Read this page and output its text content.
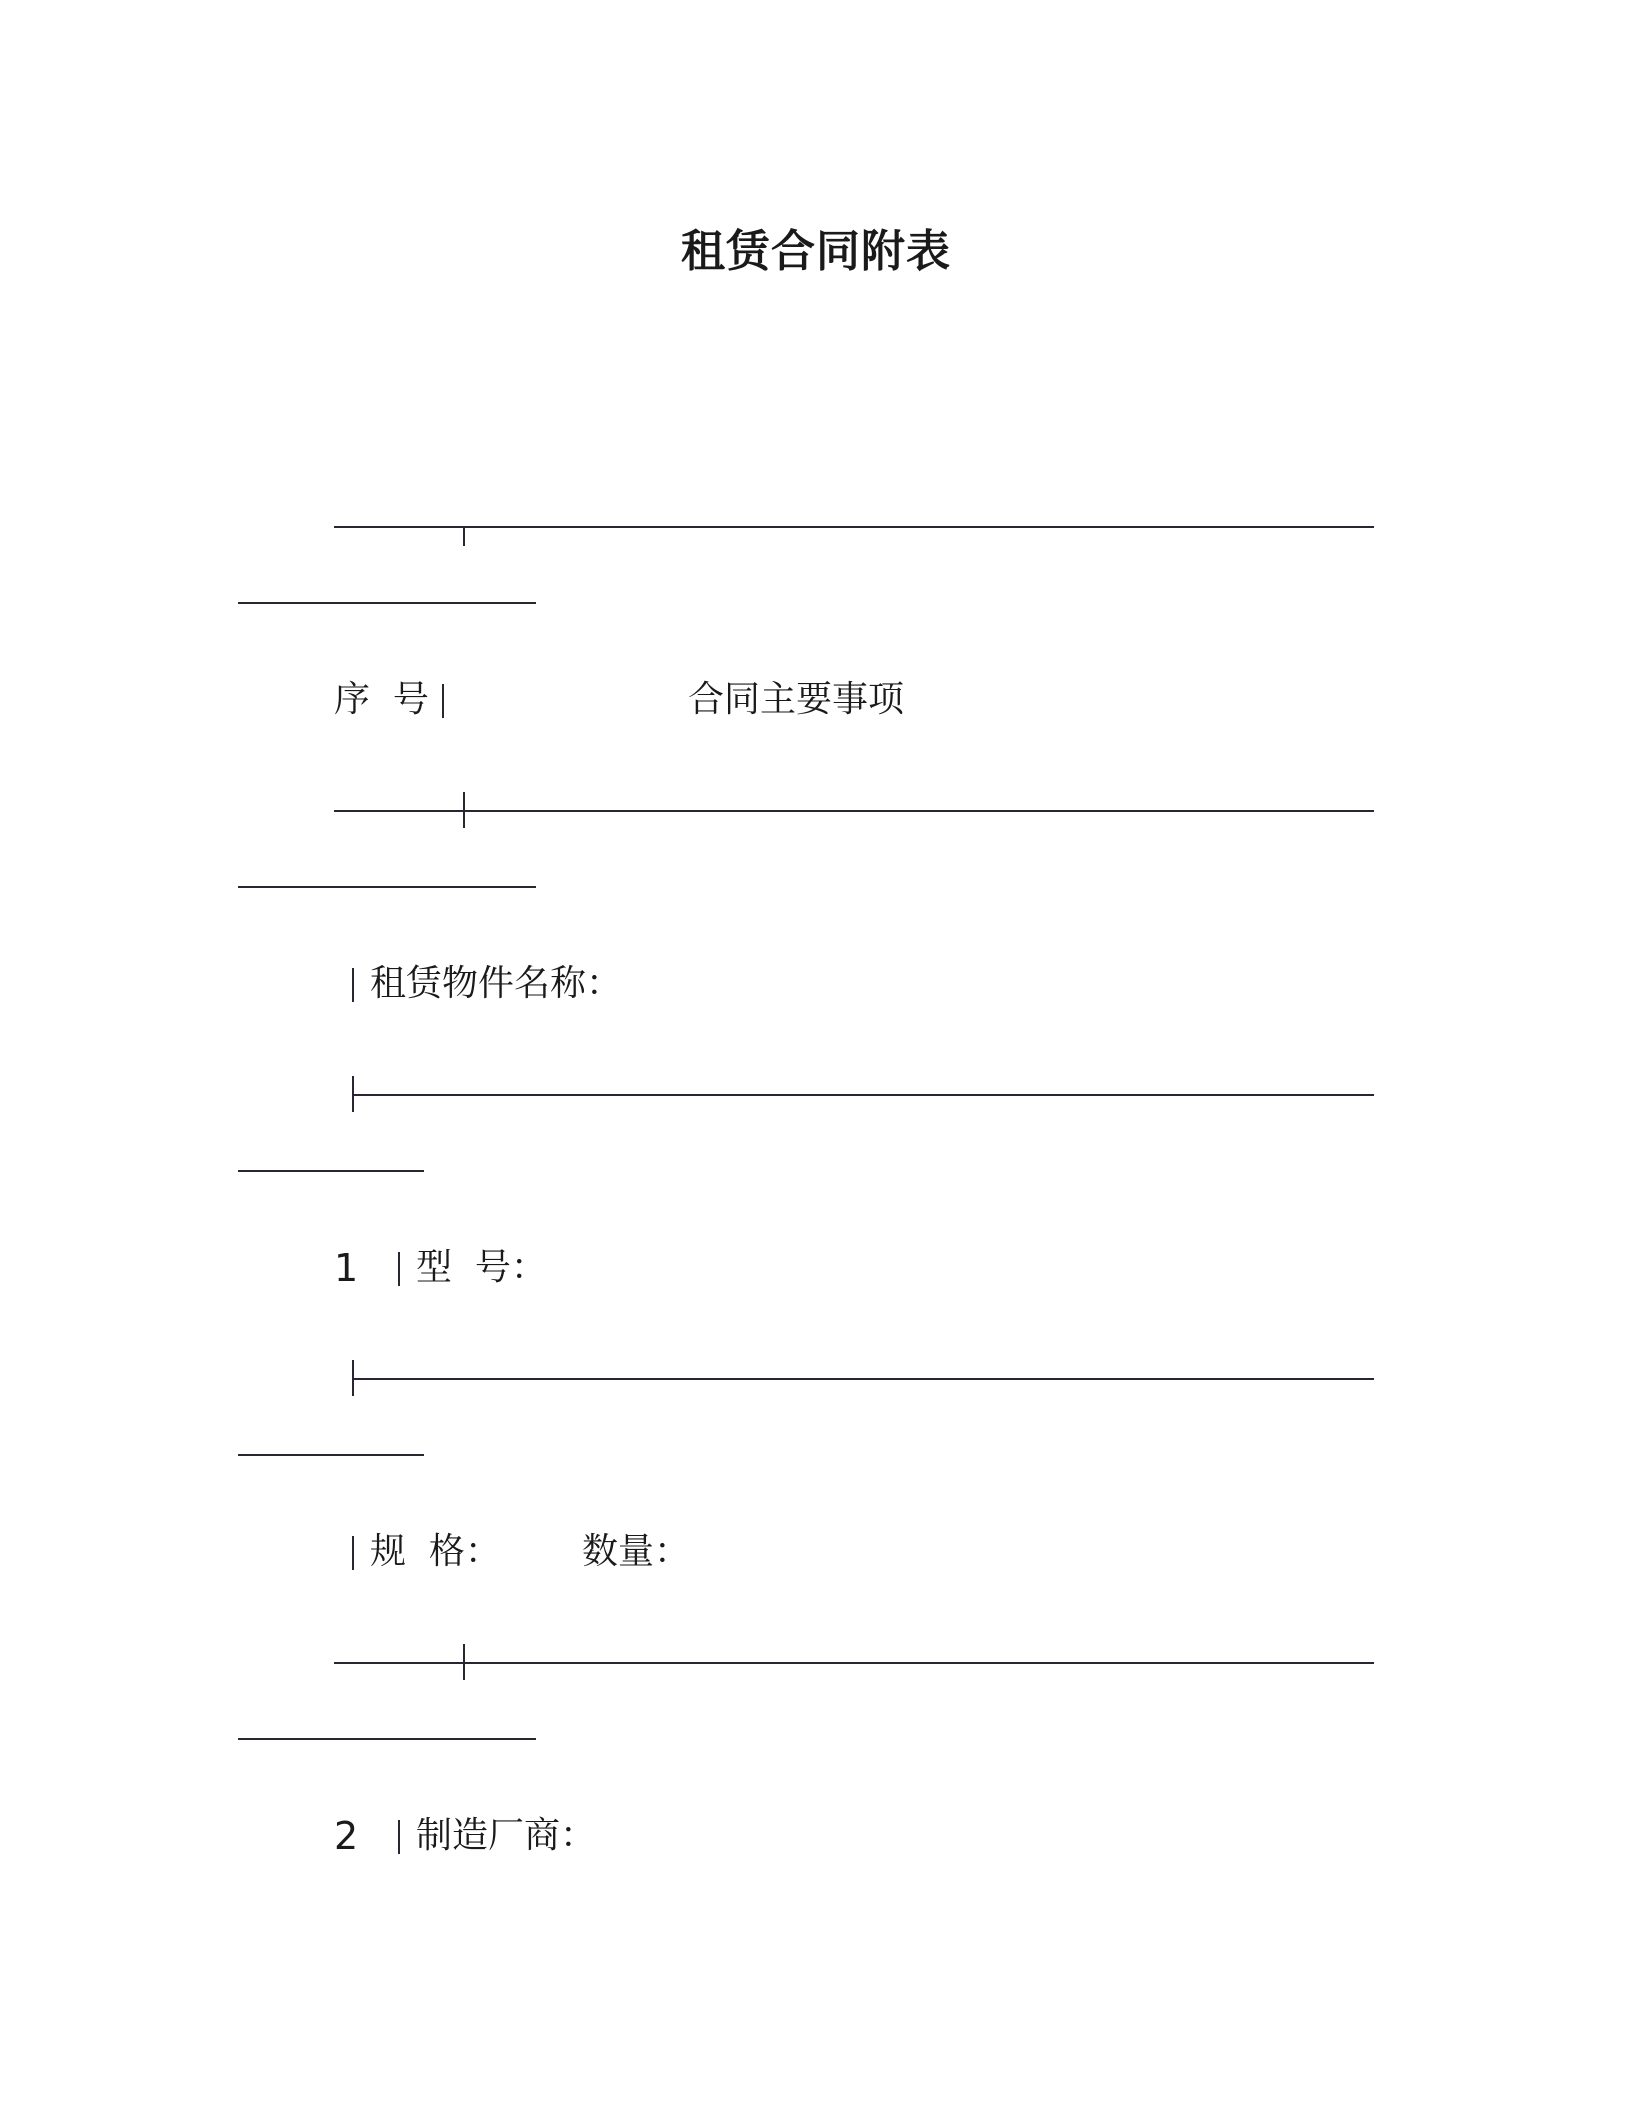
租赁合同附表
序  号	合同主要事项
租赁物件名称：
1 型  号：
规  格： 数量：
2 制造厂商：
